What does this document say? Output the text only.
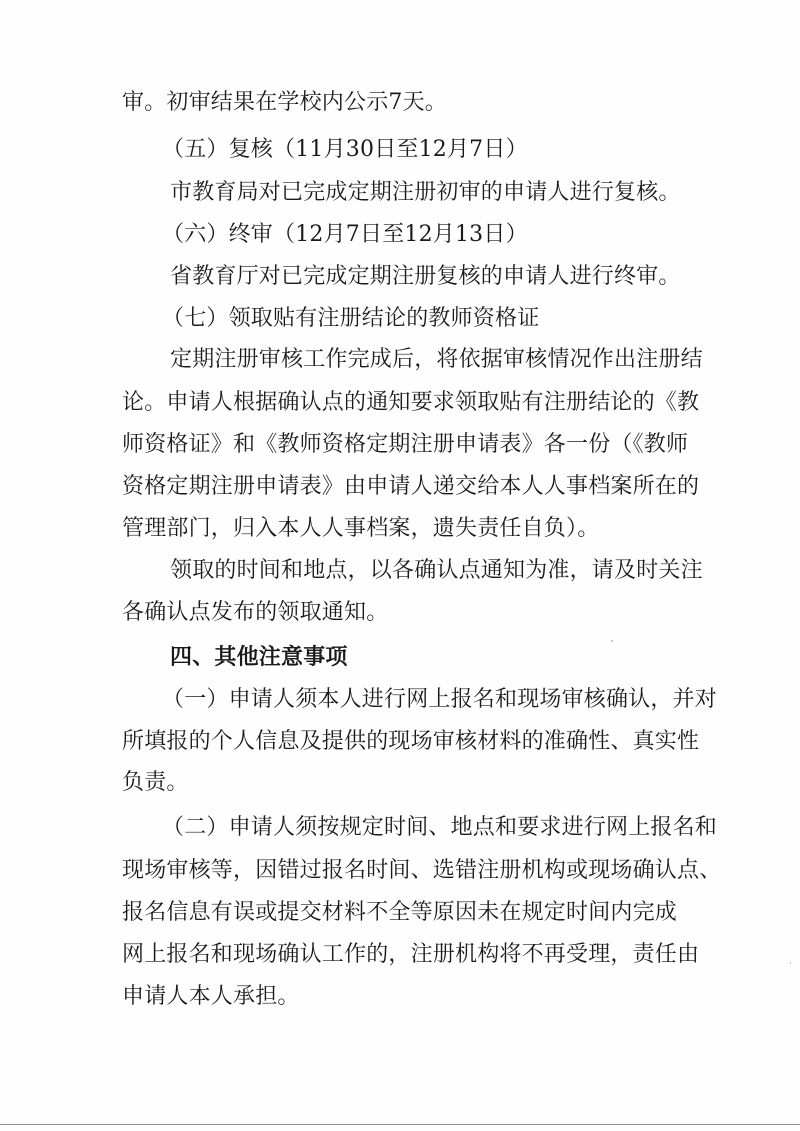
审。初审结果在学校内公示7天。
（五）复核（11月30日至12月7日）
市教育局对已完成定期注册初审的申请人进行复核。
（六）终审（12月7日至12月13日）
省教育厅对已完成定期注册复核的申请人进行终审。
（七）领取贴有注册结论的教师资格证
定期注册审核工作完成后，将依据审核情况作出注册结
论。申请人根据确认点的通知要求领取贴有注册结论的《教
师资格证》和《教师资格定期注册申请表》各一份（《教师
资格定期注册申请表》由申请人递交给本人人事档案所在的
管理部门，归入本人人事档案，遗失责任自负）。
领取的时间和地点，以各确认点通知为准，请及时关注
各确认点发布的领取通知。
四、其他注意事项
（一）申请人须本人进行网上报名和现场审核确认，并对
所填报的个人信息及提供的现场审核材料的准确性、真实性
负责。
（二）申请人须按规定时间、地点和要求进行网上报名和
现场审核等，因错过报名时间、选错注册机构或现场确认点、
报名信息有误或提交材料不全等原因未在规定时间内完成
网上报名和现场确认工作的，注册机构将不再受理，责任由
申请人本人承担。
